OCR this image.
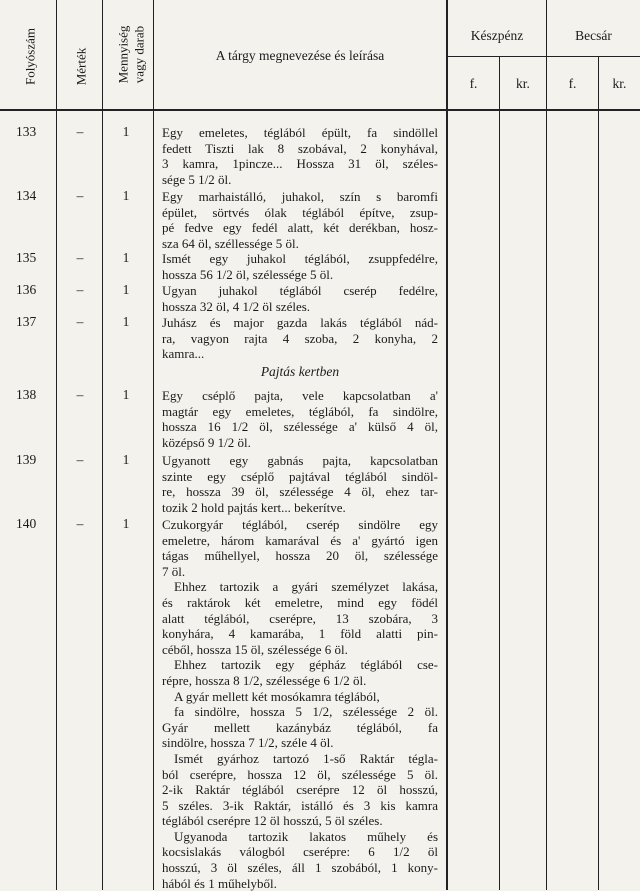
Folyószám	Mérték Mennyiség vagy darab	A tárgy megnevezése és leírása
Készpénz	Becsár
f.	kr.	f.	kr.
133	–	1	Egy emeletes, téglából épült, fa sindöllel
fedett Tiszti lak 8 szobával, 2 konyhával,
3 kamra, 1pincze... Hossza 31 öl, széles-
sége 5 1/2 öl.
134	–	1	Egy marhaistálló, juhakol, szín s baromfi
épület, sörtvés ólak téglából építve, zsup-
pé fedve egy fedél alatt, két derékban, hosz-
sza 64 öl, széllessége 5 öl.
135	–	1	Ismét egy juhakol téglából, zsuppfedélre,
hossza 56 1/2 öl, szélessége 5 öl.
136	–	1	Ugyan juhakol téglából cserép fedélre,
hossza 32 öl, 4 1/2 öl széles.
137	–	1	Juhász és major gazda lakás téglából nád-
ra, vagyon rajta 4 szoba, 2 konyha, 2
kamra...
138	–	1	Egy cséplő pajta, vele kapcsolatban a'
magtár egy emeletes, téglából, fa sindölre,
hossza 16 1/2 öl, szélessége a' külső 4 öl,
középső 9 1/2 öl.
139	–	1	Ugyanott egy gabnás pajta, kapcsolatban
szinte egy cséplő pajtával téglából sindöl-
re, hossza 39 öl, szélessége 4 öl, ehez tar-
tozik 2 hold pajtás kert... bekerítve.
140	–	1	Czukorgyár téglából, cserép sindölre egy
emeletre, három kamarával és a' gyártó igen
tágas műhellyel, hossza 20 öl, szélessége
7 öl.
Ehhez tartozik a gyári személyzet lakása,
és raktárok két emeletre, mind egy födél
alatt téglából, cserépre, 13 szobára, 3
konyhára, 4 kamarába, 1 föld alatti pin-
céből, hossza 15 öl, szélessége 6 öl.
Ehhez tartozik egy gépház téglából cse-
répre, hossza 8 1/2, szélessége 6 1/2 öl.
A gyár mellett két mosókamra téglából,
fa sindölre, hossza 5 1/2, szélessége 2 öl.
Gyár mellett kazánybáz téglából, fa
sindölre, hossza 7 1/2, széle 4 öl.
Ismét gyárhoz tartozó 1-ső Raktár tégla-
ból cserépre, hossza 12 öl, szélessége 5 öl.
2-ik Raktár téglából cserépre 12 öl hosszú,
5 széles. 3-ik Raktár, istálló és 3 kis kamra
téglából cserépre 12 öl hosszú, 5 öl széles.
Ugyanoda tartozik lakatos műhely és
kocsislakás válogból cserépre: 6 1/2 öl
hosszú, 3 öl széles, áll 1 szobából, 1 kony-
hából és 1 műhelyből.
Pajtás kertben
